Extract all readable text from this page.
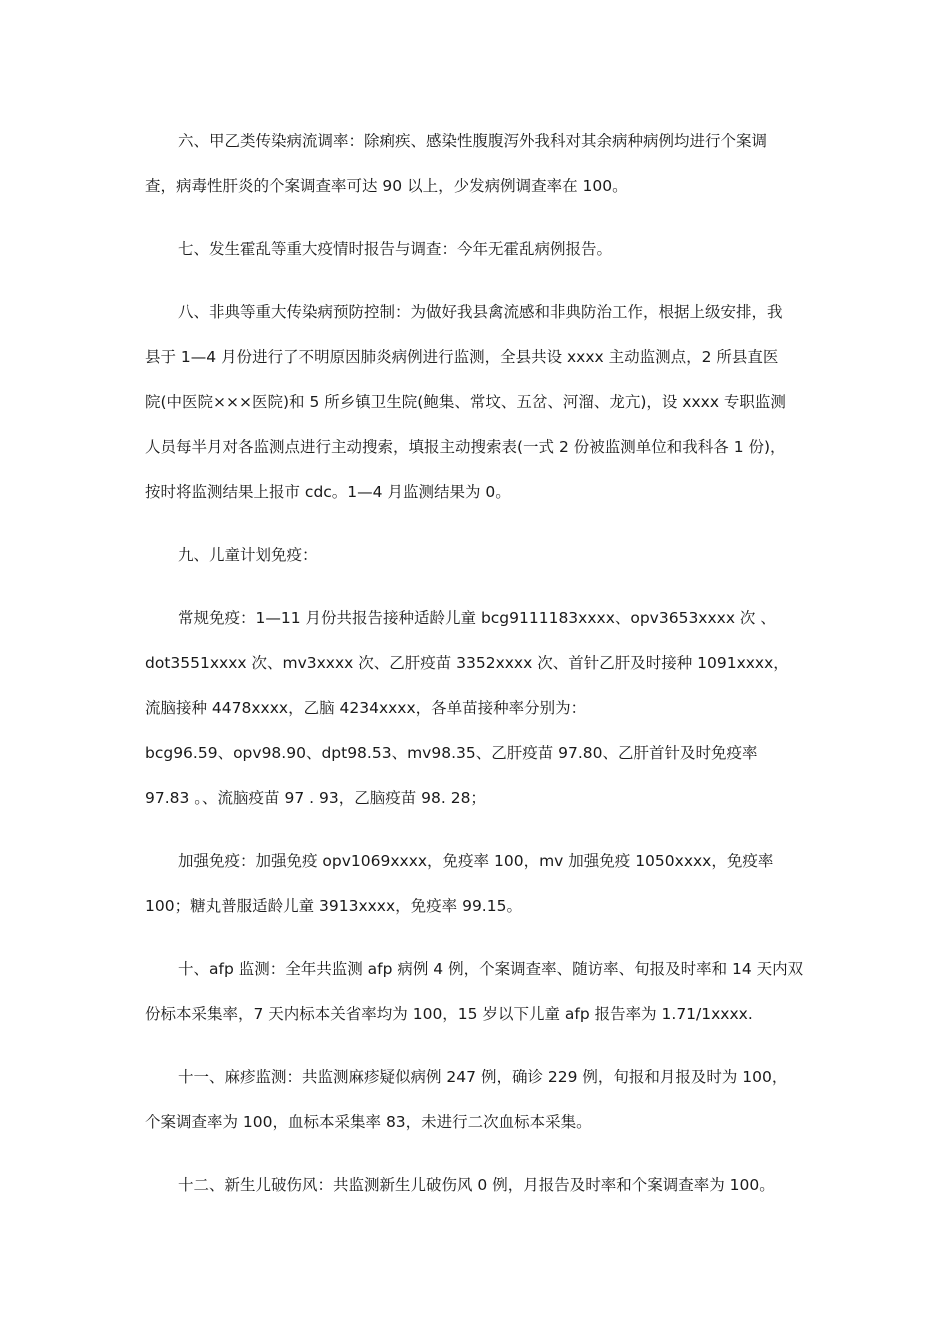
六、甲乙类传染病流调率：除痢疾、感染性腹腹泻外我科对其余病种病例均进行个案调
查，病毒性肝炎的个案调查率可达 90 以上，少发病例调查率在 100。

七、发生霍乱等重大疫情时报告与调查：今年无霍乱病例报告。

八、非典等重大传染病预防控制：为做好我县禽流感和非典防治工作，根据上级安排，我
县于 1—4 月份进行了不明原因肺炎病例进行监测，全县共设 xxxx 主动监测点，2 所县直医
院(中医院×××医院)和 5 所乡镇卫生院(鲍集、常坟、五岔、河溜、龙亢)，设 xxxx 专职监测
人员每半月对各监测点进行主动搜索，填报主动搜索表(一式 2 份被监测单位和我科各 1 份)，
按时将监测结果上报市 cdc。1—4 月监测结果为 0。

九、儿童计划免疫：

常规免疫：1—11 月份共报告接种适龄儿童 bcg9111183xxxx、opv3653xxxx 次 、
dot3551xxxx 次、mv3xxxx 次、乙肝疫苗 3352xxxx 次、首针乙肝及时接种 1091xxxx，
流脑接种 4478xxxx，乙脑 4234xxxx，各单苗接种率分别为：
bcg96.59、opv98.90、dpt98.53、mv98.35、乙肝疫苗 97.80、乙肝首针及时免疫率
97.83 。、流脑疫苗 97 . 93，乙脑疫苗 98. 28；

加强免疫：加强免疫 opv1069xxxx，免疫率 100，mv 加强免疫 1050xxxx，免疫率
100；糖丸普服适龄儿童 3913xxxx，免疫率 99.15。

十、afp 监测：全年共监测 afp 病例 4 例，个案调查率、随访率、旬报及时率和 14 天内双
份标本采集率，7 天内标本关省率均为 100，15 岁以下儿童 afp 报告率为 1.71/1xxxx.

十一、麻疹监测：共监测麻疹疑似病例 247 例，确诊 229 例，旬报和月报及时为 100，
个案调查率为 100，血标本采集率 83，未进行二次血标本采集。

十二、新生儿破伤风：共监测新生儿破伤风 0 例，月报告及时率和个案调查率为 100。
